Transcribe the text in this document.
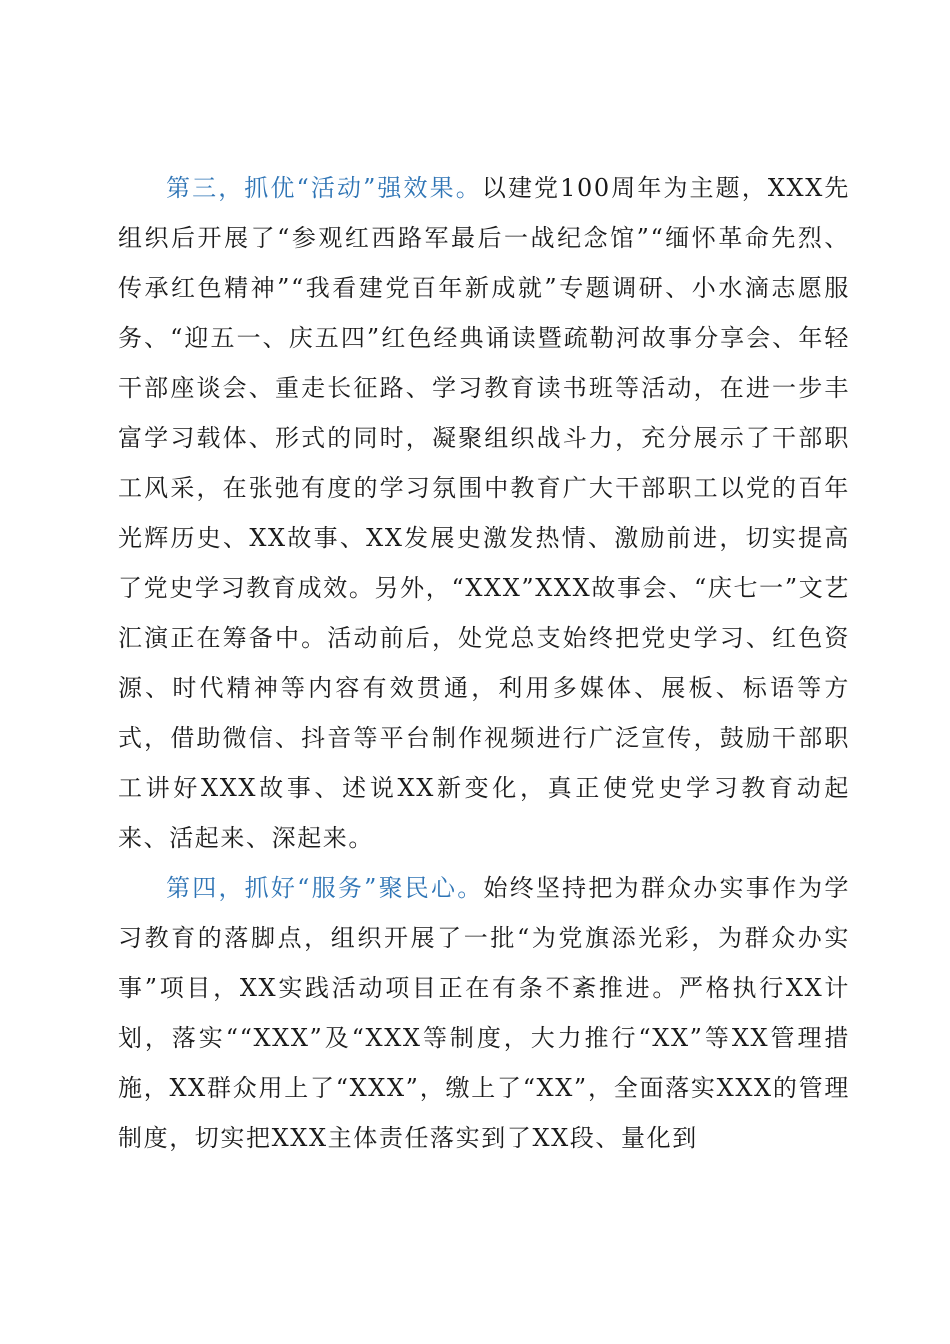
第三，抓优“活动”强效果。以建党100周年为主题，XXX先组织后开展了“参观红西路军最后一战纪念馆”“缅怀革命先烈、传承红色精神”“我看建党百年新成就”专题调研、小水滴志愿服务、“迎五一、庆五四”红色经典诵读暨疏勒河故事分享会、年轻干部座谈会、重走长征路、学习教育读书班等活动，在进一步丰富学习载体、形式的同时，凝聚组织战斗力，充分展示了干部职工风采，在张弛有度的学习氛围中教育广大干部职工以党的百年光辉历史、XX故事、XX发展史激发热情、激励前进，切实提高了党史学习教育成效。另外，“XXX”XXX故事会、“庆七一”文艺汇演正在筹备中。活动前后，处党总支始终把党史学习、红色资源、时代精神等内容有效贯通，利用多媒体、展板、标语等方式，借助微信、抖音等平台制作视频进行广泛宣传，鼓励干部职工讲好XXX故事、述说XX新变化，真正使党史学习教育动起来、活起来、深起来。

第四，抓好“服务”聚民心。始终坚持把为群众办实事作为学习教育的落脚点，组织开展了一批“为党旗添光彩，为群众办实事”项目，XX实践活动项目正在有条不紊推进。严格执行XX计划，落实““XXX”及“XXX等制度，大力推行“XX”等XX管理措施，XX群众用上了“XXX”，缴上了“XX”，全面落实XXX的管理制度，切实把XXX主体责任落实到了XX段、量化到
